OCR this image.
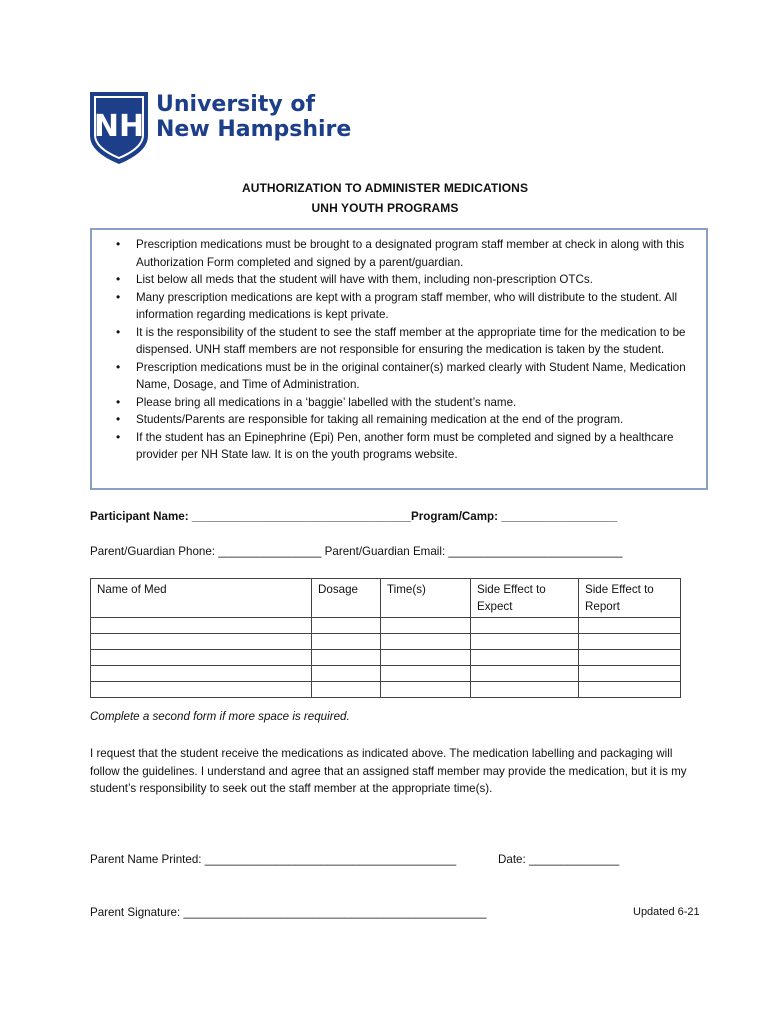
NH
University of
New Hampshire
AUTHORIZATION TO ADMINISTER MEDICATIONS
UNH YOUTH PROGRAMS
• Prescription medications must be brought to a designated program staff member at check in along with this Authorization Form completed and signed by a parent/guardian.
• List below all meds that the student will have with them, including non-prescription OTCs.
• Many prescription medications are kept with a program staff member, who will distribute to the student. All information regarding medications is kept private.
• It is the responsibility of the student to see the staff member at the appropriate time for the medication to be dispensed. UNH staff members are not responsible for ensuring the medication is taken by the student.
• Prescription medications must be in the original container(s) marked clearly with Student Name, Medication Name, Dosage, and Time of Administration.
• Please bring all medications in a ‘baggie’ labelled with the student’s name.
• Students/Parents are responsible for taking all remaining medication at the end of the program.
• If the student has an Epinephrine (Epi) Pen, another form must be completed and signed by a healthcare provider per NH State law. It is on the youth programs website.
Participant Name: __________________________________Program/Camp: __________________
Parent/Guardian Phone: ________________ Parent/Guardian Email: ___________________________
Name of Med	Dosage	Time(s)	Side Effect to Expect	Side Effect to Report

Complete a second form if more space is required.
I request that the student receive the medications as indicated above. The medication labelling and packaging will follow the guidelines. I understand and agree that an assigned staff member may provide the medication, but it is my student’s responsibility to seek out the staff member at the appropriate time(s).
Parent Name Printed: _______________________________________	Date: ______________
Parent Signature: _______________________________________________	Updated 6-21
